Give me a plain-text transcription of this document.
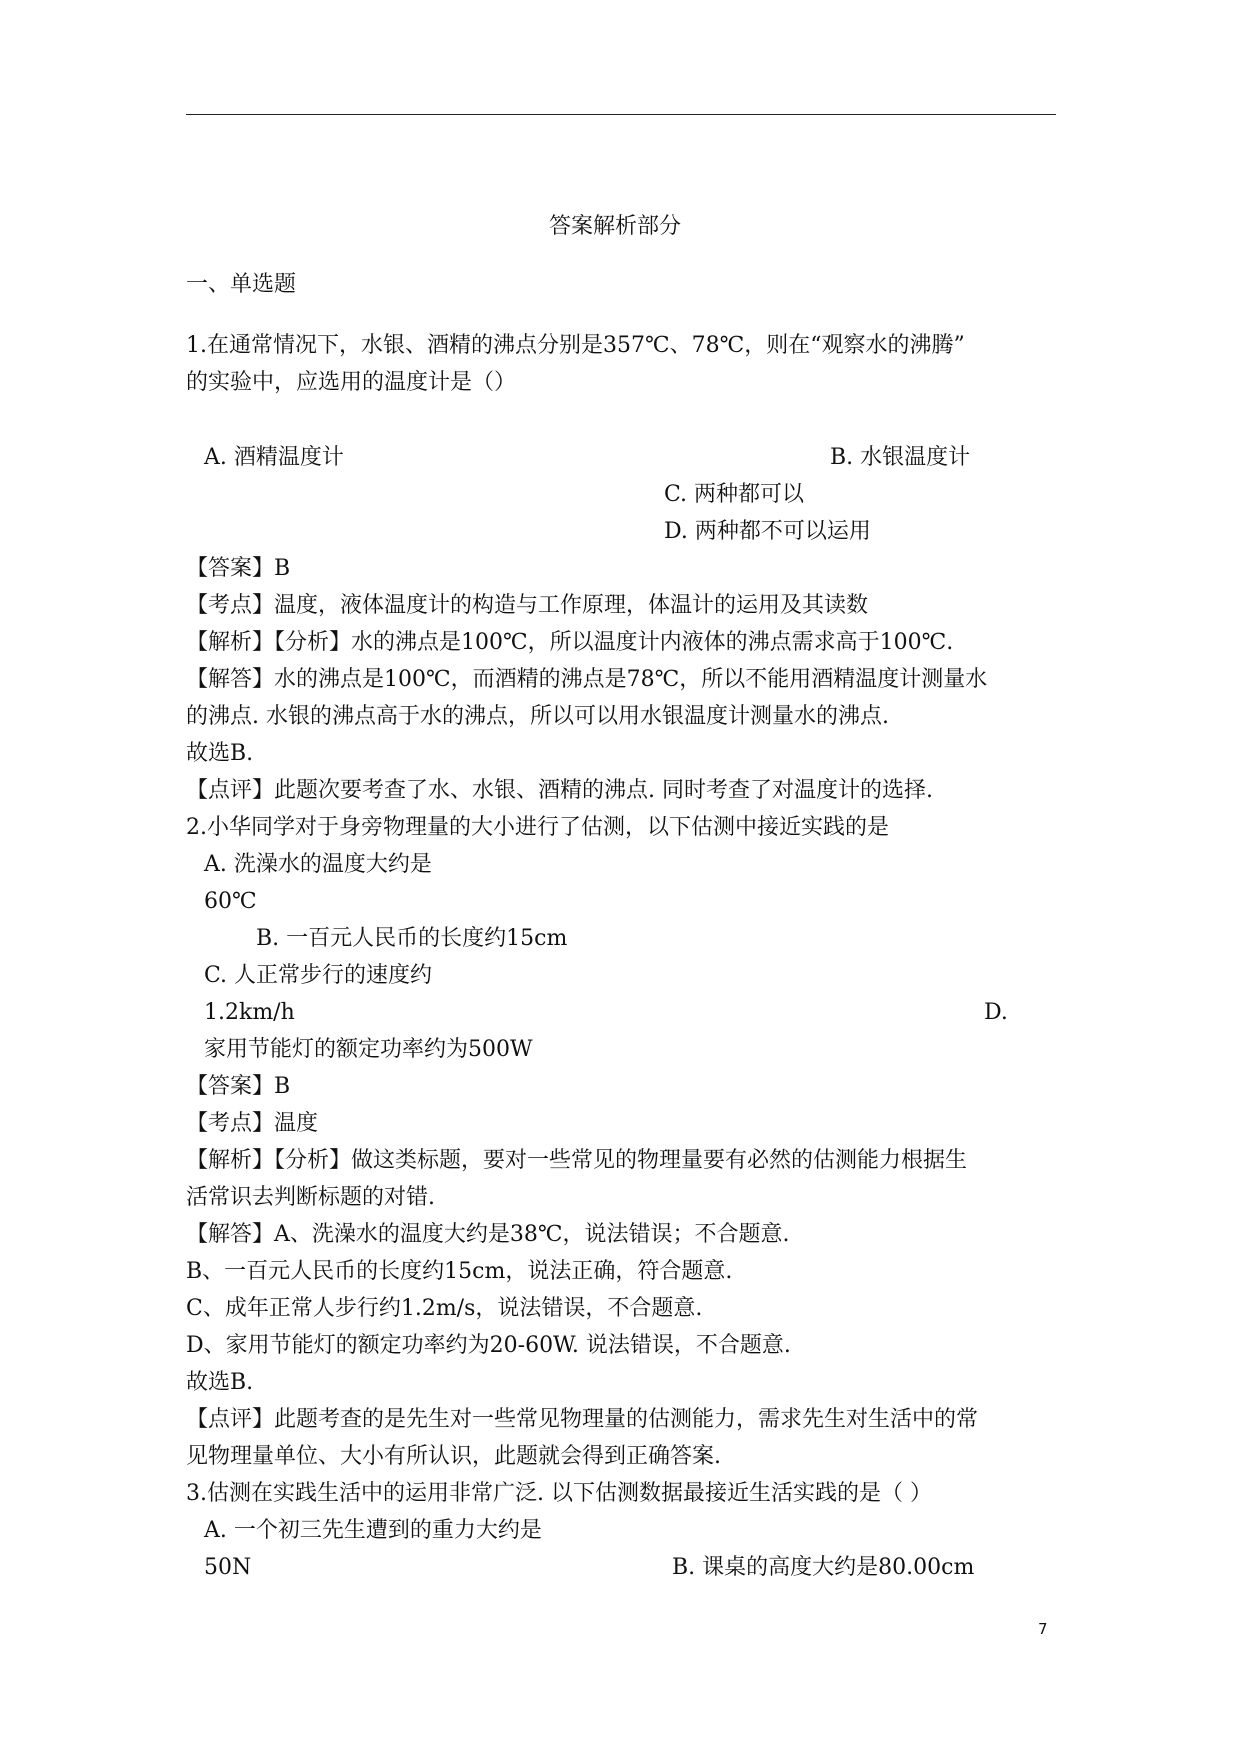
答案解析部分
一、单选题
1.在通常情况下，水银、酒精的沸点分别是357℃、78℃，则在“观察水的沸腾”
的实验中，应选用的温度计是（）
A. 酒精温度计	B. 水银温度计
C. 两种都可以
D. 两种都不可以运用
【答案】B
【考点】温度，液体温度计的构造与工作原理，体温计的运用及其读数
【解析】【分析】水的沸点是100℃，所以温度计内液体的沸点需求高于100℃.
【解答】水的沸点是100℃，而酒精的沸点是78℃，所以不能用酒精温度计测量水
的沸点. 水银的沸点高于水的沸点，所以可以用水银温度计测量水的沸点.
故选B.
【点评】此题次要考查了水、水银、酒精的沸点. 同时考查了对温度计的选择.
2.小华同学对于身旁物理量的大小进行了估测，以下估测中接近实践的是
A. 洗澡水的温度大约是
60℃
B. 一百元人民币的长度约15cm
C. 人正常步行的速度约
1.2km/h	D.
家用节能灯的额定功率约为500W
【答案】B
【考点】温度
【解析】【分析】做这类标题，要对一些常见的物理量要有必然的估测能力根据生
活常识去判断标题的对错.
【解答】A、洗澡水的温度大约是38℃，说法错误；不合题意.
B、一百元人民币的长度约15cm，说法正确，符合题意.
C、成年正常人步行约1.2m/s，说法错误，不合题意.
D、家用节能灯的额定功率约为20-60W. 说法错误，不合题意.
故选B.
【点评】此题考查的是先生对一些常见物理量的估测能力，需求先生对生活中的常
见物理量单位、大小有所认识，此题就会得到正确答案.
3.估测在实践生活中的运用非常广泛. 以下估测数据最接近生活实践的是（ ）
A. 一个初三先生遭到的重力大约是
50N	B. 课桌的高度大约是80.00cm
7
